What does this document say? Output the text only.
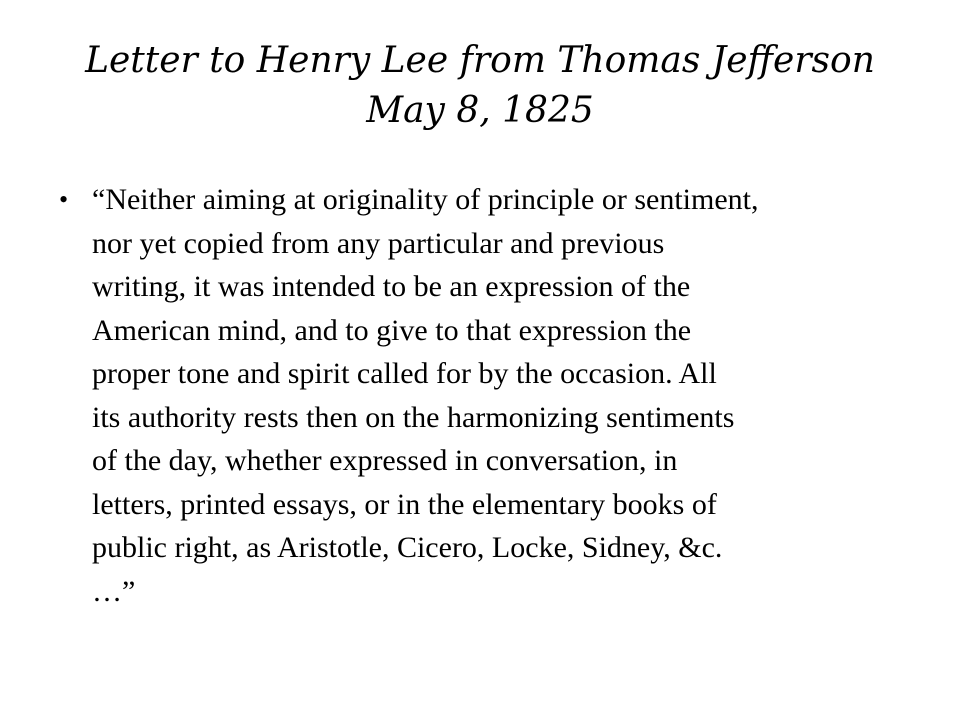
Letter to Henry Lee from Thomas Jefferson
May 8, 1825
• “Neither aiming at originality of principle or sentiment,
nor yet copied from any particular and previous
writing, it was intended to be an expression of the
American mind, and to give to that expression the
proper tone and spirit called for by the occasion. All
its authority rests then on the harmonizing sentiments
of the day, whether expressed in conversation, in
letters, printed essays, or in the elementary books of
public right, as Aristotle, Cicero, Locke, Sidney, &c.
…”
